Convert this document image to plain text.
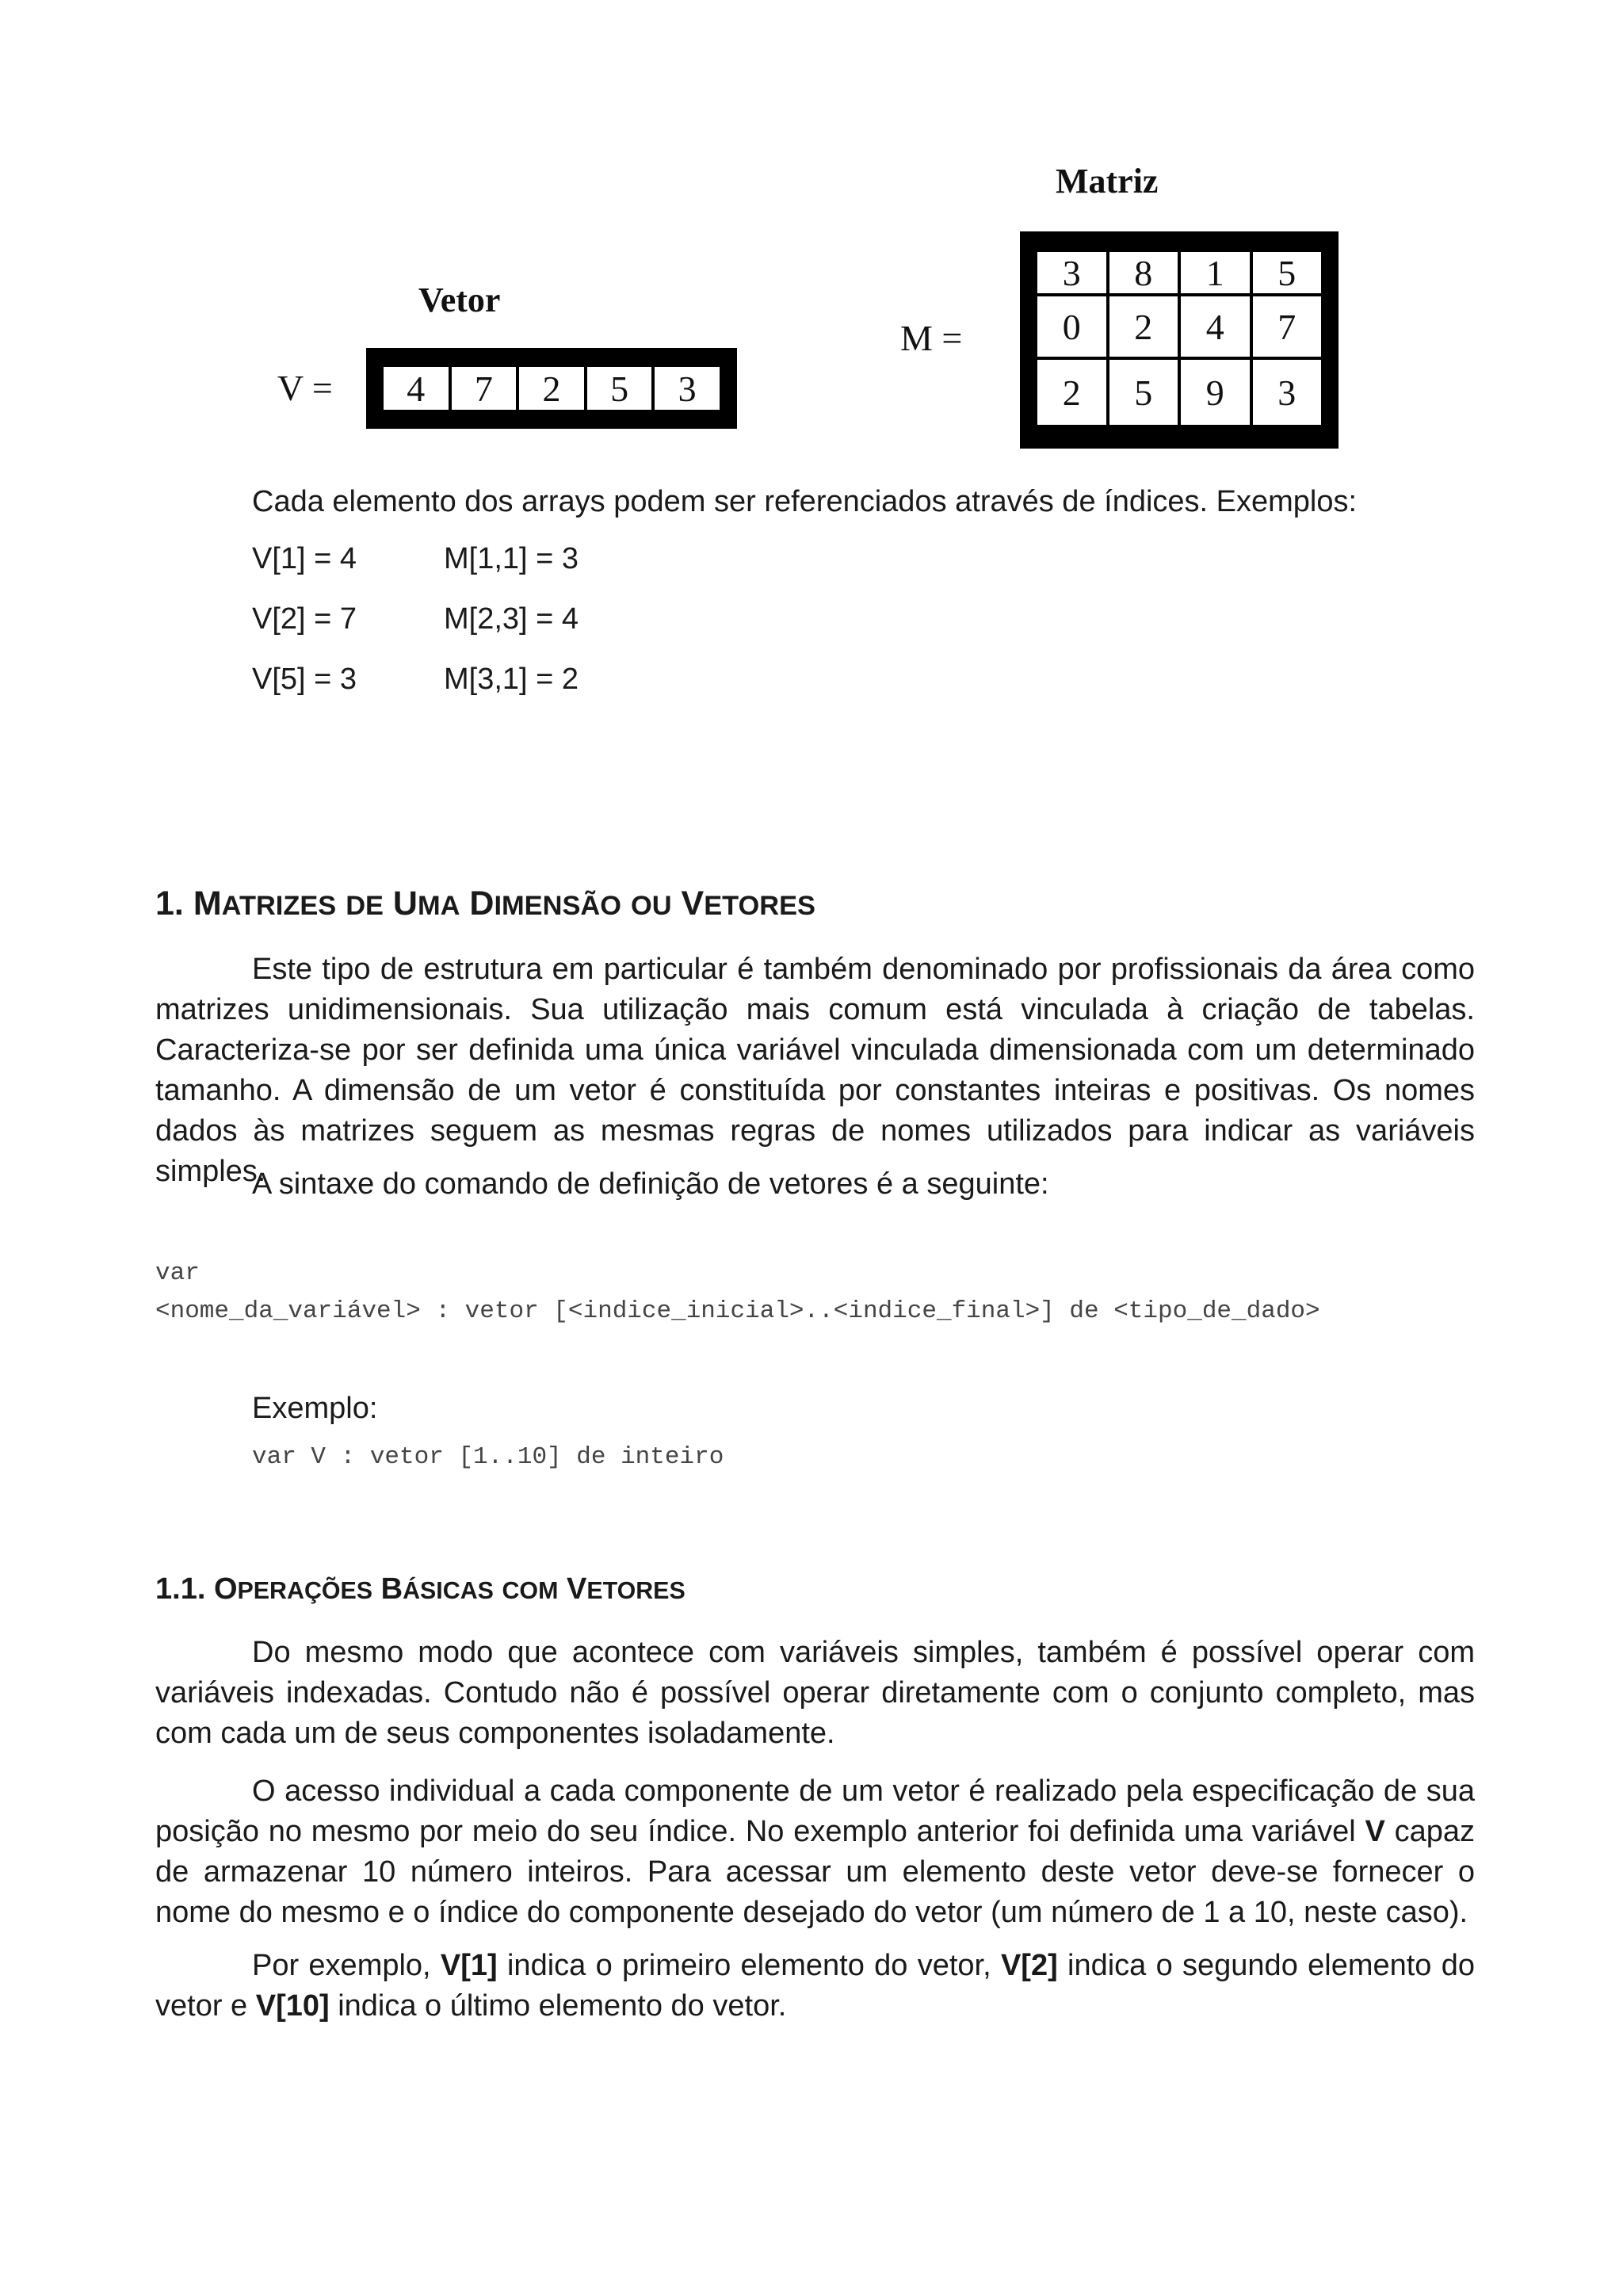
Vetor
V =	4	7	2	5	3
Matriz
M =
3	8	1	5
0	2	4	7
2	5	9	3
Cada elemento dos arrays podem ser referenciados através de índices. Exemplos:
V[1] = 4	M[1,1] = 3
V[2] = 7	M[2,3] = 4
V[5] = 3	M[3,1] = 2
1. MATRIZES DE UMA DIMENSÃO OU VETORES
Este tipo de estrutura em particular é também denominado por profissionais da área como matrizes unidimensionais. Sua utilização mais comum está vinculada à criação de tabelas. Caracteriza-se por ser definida uma única variável vinculada dimensionada com um determinado tamanho. A dimensão de um vetor é constituída por constantes inteiras e positivas. Os nomes dados às matrizes seguem as mesmas regras de nomes utilizados para indicar as variáveis simples.
A sintaxe do comando de definição de vetores é a seguinte:
var
<nome_da_variável> : vetor [<indice_inicial>..<indice_final>] de <tipo_de_dado>
Exemplo:
var V : vetor [1..10] de inteiro
1.1. OPERAÇÕES BÁSICAS COM VETORES
Do mesmo modo que acontece com variáveis simples, também é possível operar com variáveis indexadas. Contudo não é possível operar diretamente com o conjunto completo, mas com cada um de seus componentes isoladamente.
O acesso individual a cada componente de um vetor é realizado pela especificação de sua posição no mesmo por meio do seu índice. No exemplo anterior foi definida uma variável V capaz de armazenar 10 número inteiros. Para acessar um elemento deste vetor deve-se fornecer o nome do mesmo e o índice do componente desejado do vetor (um número de 1 a 10, neste caso).
Por exemplo, V[1] indica o primeiro elemento do vetor, V[2] indica o segundo elemento do vetor e V[10] indica o último elemento do vetor.
